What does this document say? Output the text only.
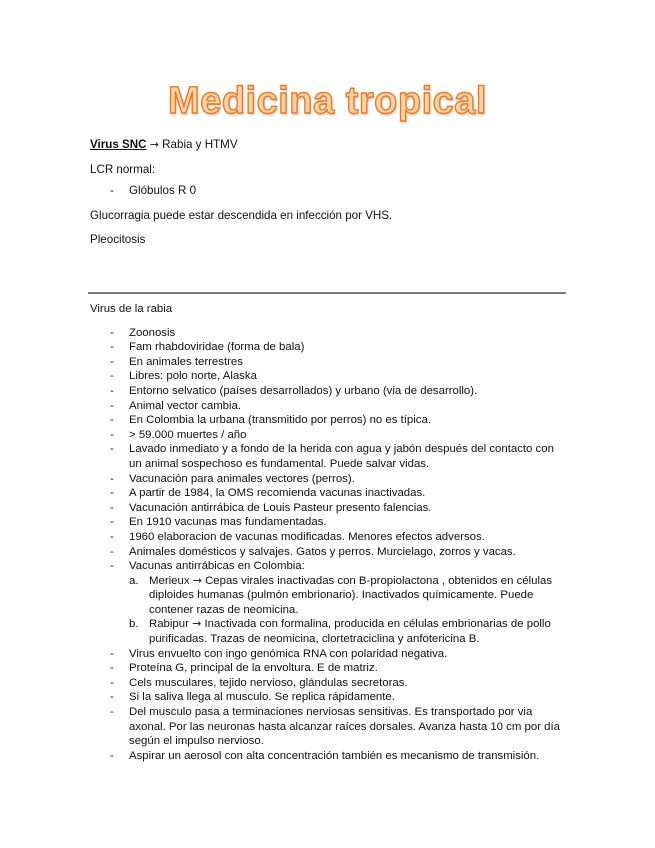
Medicina tropical

Virus SNC → Rabia y HTMV

LCR normal:

- Glóbulos R 0

Glucorragia puede estar descendida en infección por VHS.

Pleocitosis

Virus de la rabia

- Zoonosis
- Fam rhabdoviridae (forma de bala)
- En animales terrestres
- Libres: polo norte, Alaska
- Entorno selvatico (países desarrollados) y urbano (via de desarrollo).
- Animal vector cambia.
- En Colombia la urbana (transmitido por perros) no es típica.
- > 59.000 muertes / año
- Lavado inmediato y a fondo de la herida con agua y jabón después del contacto con un animal sospechoso es fundamental. Puede salvar vidas.
- Vacunación para animales vectores (perros).
- A partir de 1984, la OMS recomienda vacunas inactivadas.
- Vacunación antirrábica de Louis Pasteur presento falencias.
- En 1910 vacunas mas fundamentadas.
- 1960 elaboracion de vacunas modificadas. Menores efectos adversos.
- Animales domésticos y salvajes. Gatos y perros. Murcielago, zorros y vacas.
- Vacunas antirrábicas en Colombia:
a. Merieux → Cepas virales inactivadas con B-propiolactona , obtenidos en células diploides humanas (pulmón embrionario). Inactivados químicamente. Puede contener razas de neomicina.
b. Rabipur → Inactivada con formalina, producida en células embrionarias de pollo purificadas. Trazas de neomicina, clortetraciclina y anfotericina B.
- Virus envuelto con ingo genómica RNA con polaridad negativa.
- Proteína G, principal de la envoltura. E de matriz.
- Cels musculares, tejido nervioso, glándulas secretoras.
- Si la saliva llega al musculo. Se replica rápidamente.
- Del musculo pasa a terminaciones nerviosas sensitivas. Es transportado por via axonal. Por las neuronas hasta alcanzar raíces dorsales. Avanza hasta 10 cm por día según el impulso nervioso.
- Aspirar un aerosol con alta concentración también es mecanismo de transmisión.
